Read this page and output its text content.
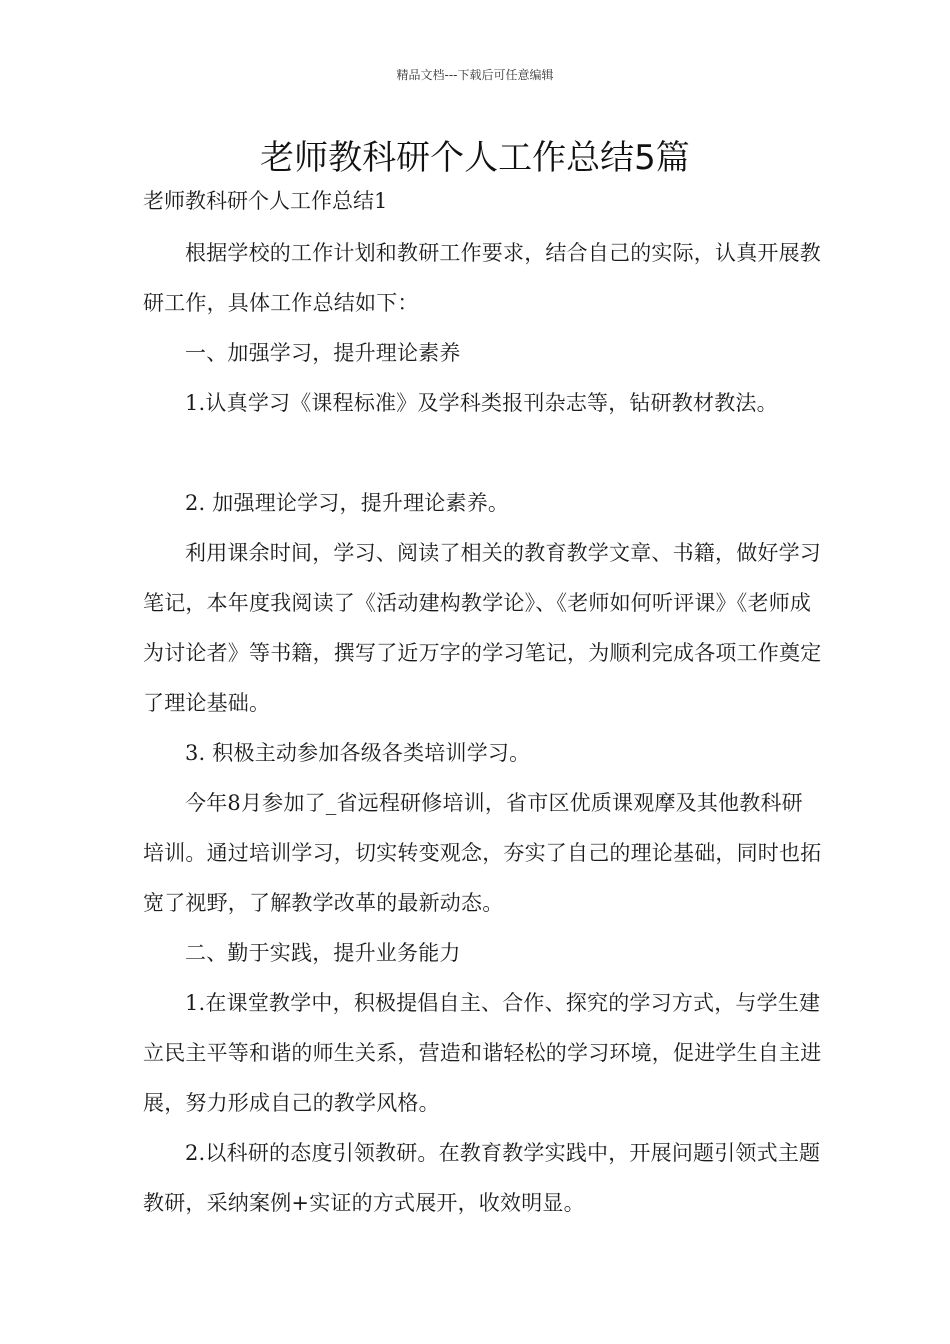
精品文档---下载后可任意编辑
老师教科研个人工作总结5篇

老师教科研个人工作总结1

根据学校的工作计划和教研工作要求，结合自己的实际，认真开展教研工作，具体工作总结如下：

一、加强学习，提升理论素养

1.认真学习《课程标准》及学科类报刊杂志等，钻研教材教法。

2. 加强理论学习，提升理论素养。

利用课余时间，学习、阅读了相关的教育教学文章、书籍，做好学习笔记，本年度我阅读了《活动建构教学论》、《老师如何听评课》《老师成为讨论者》等书籍，撰写了近万字的学习笔记，为顺利完成各项工作奠定了理论基础。

3. 积极主动参加各级各类培训学习。

今年8月参加了_省远程研修培训，省市区优质课观摩及其他教科研培训。通过培训学习，切实转变观念，夯实了自己的理论基础，同时也拓宽了视野，了解教学改革的最新动态。

二、勤于实践，提升业务能力

1.在课堂教学中，积极提倡自主、合作、探究的学习方式，与学生建立民主平等和谐的师生关系，营造和谐轻松的学习环境，促进学生自主进展，努力形成自己的教学风格。

2.以科研的态度引领教研。在教育教学实践中，开展问题引领式主题教研，采纳案例+实证的方式展开，收效明显。
